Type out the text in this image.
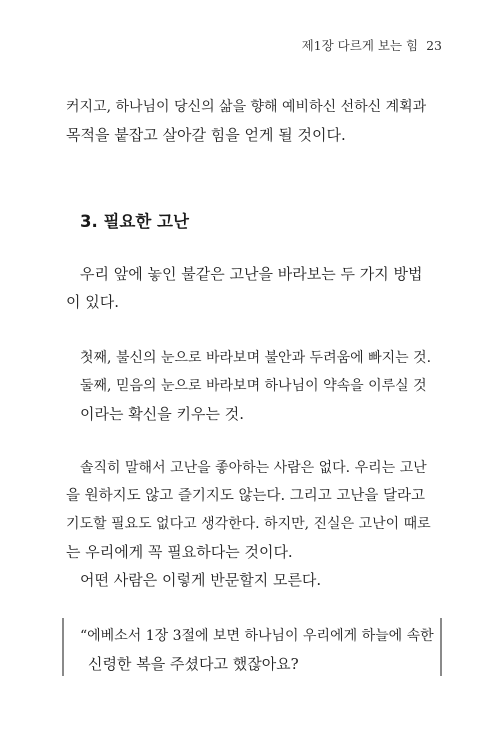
제1장 다르게 보는 힘 23
커지고, 하나님이 당신의 삶을 향해 예비하신 선하신 계획과
목적을 붙잡고 살아갈 힘을 얻게 될 것이다.
3. 필요한 고난
우리 앞에 놓인 불같은 고난을 바라보는 두 가지 방법
이 있다.
첫째, 불신의 눈으로 바라보며 불안과 두려움에 빠지는 것.
둘째, 믿음의 눈으로 바라보며 하나님이 약속을 이루실 것
이라는 확신을 키우는 것.
솔직히 말해서 고난을 좋아하는 사람은 없다. 우리는 고난
을 원하지도 않고 즐기지도 않는다. 그리고 고난을 달라고
기도할 필요도 없다고 생각한다. 하지만, 진실은 고난이 때로
는 우리에게 꼭 필요하다는 것이다.
어떤 사람은 이렇게 반문할지 모른다.
“에베소서 1장 3절에 보면 하나님이 우리에게 하늘에 속한
신령한 복을 주셨다고 했잖아요?
